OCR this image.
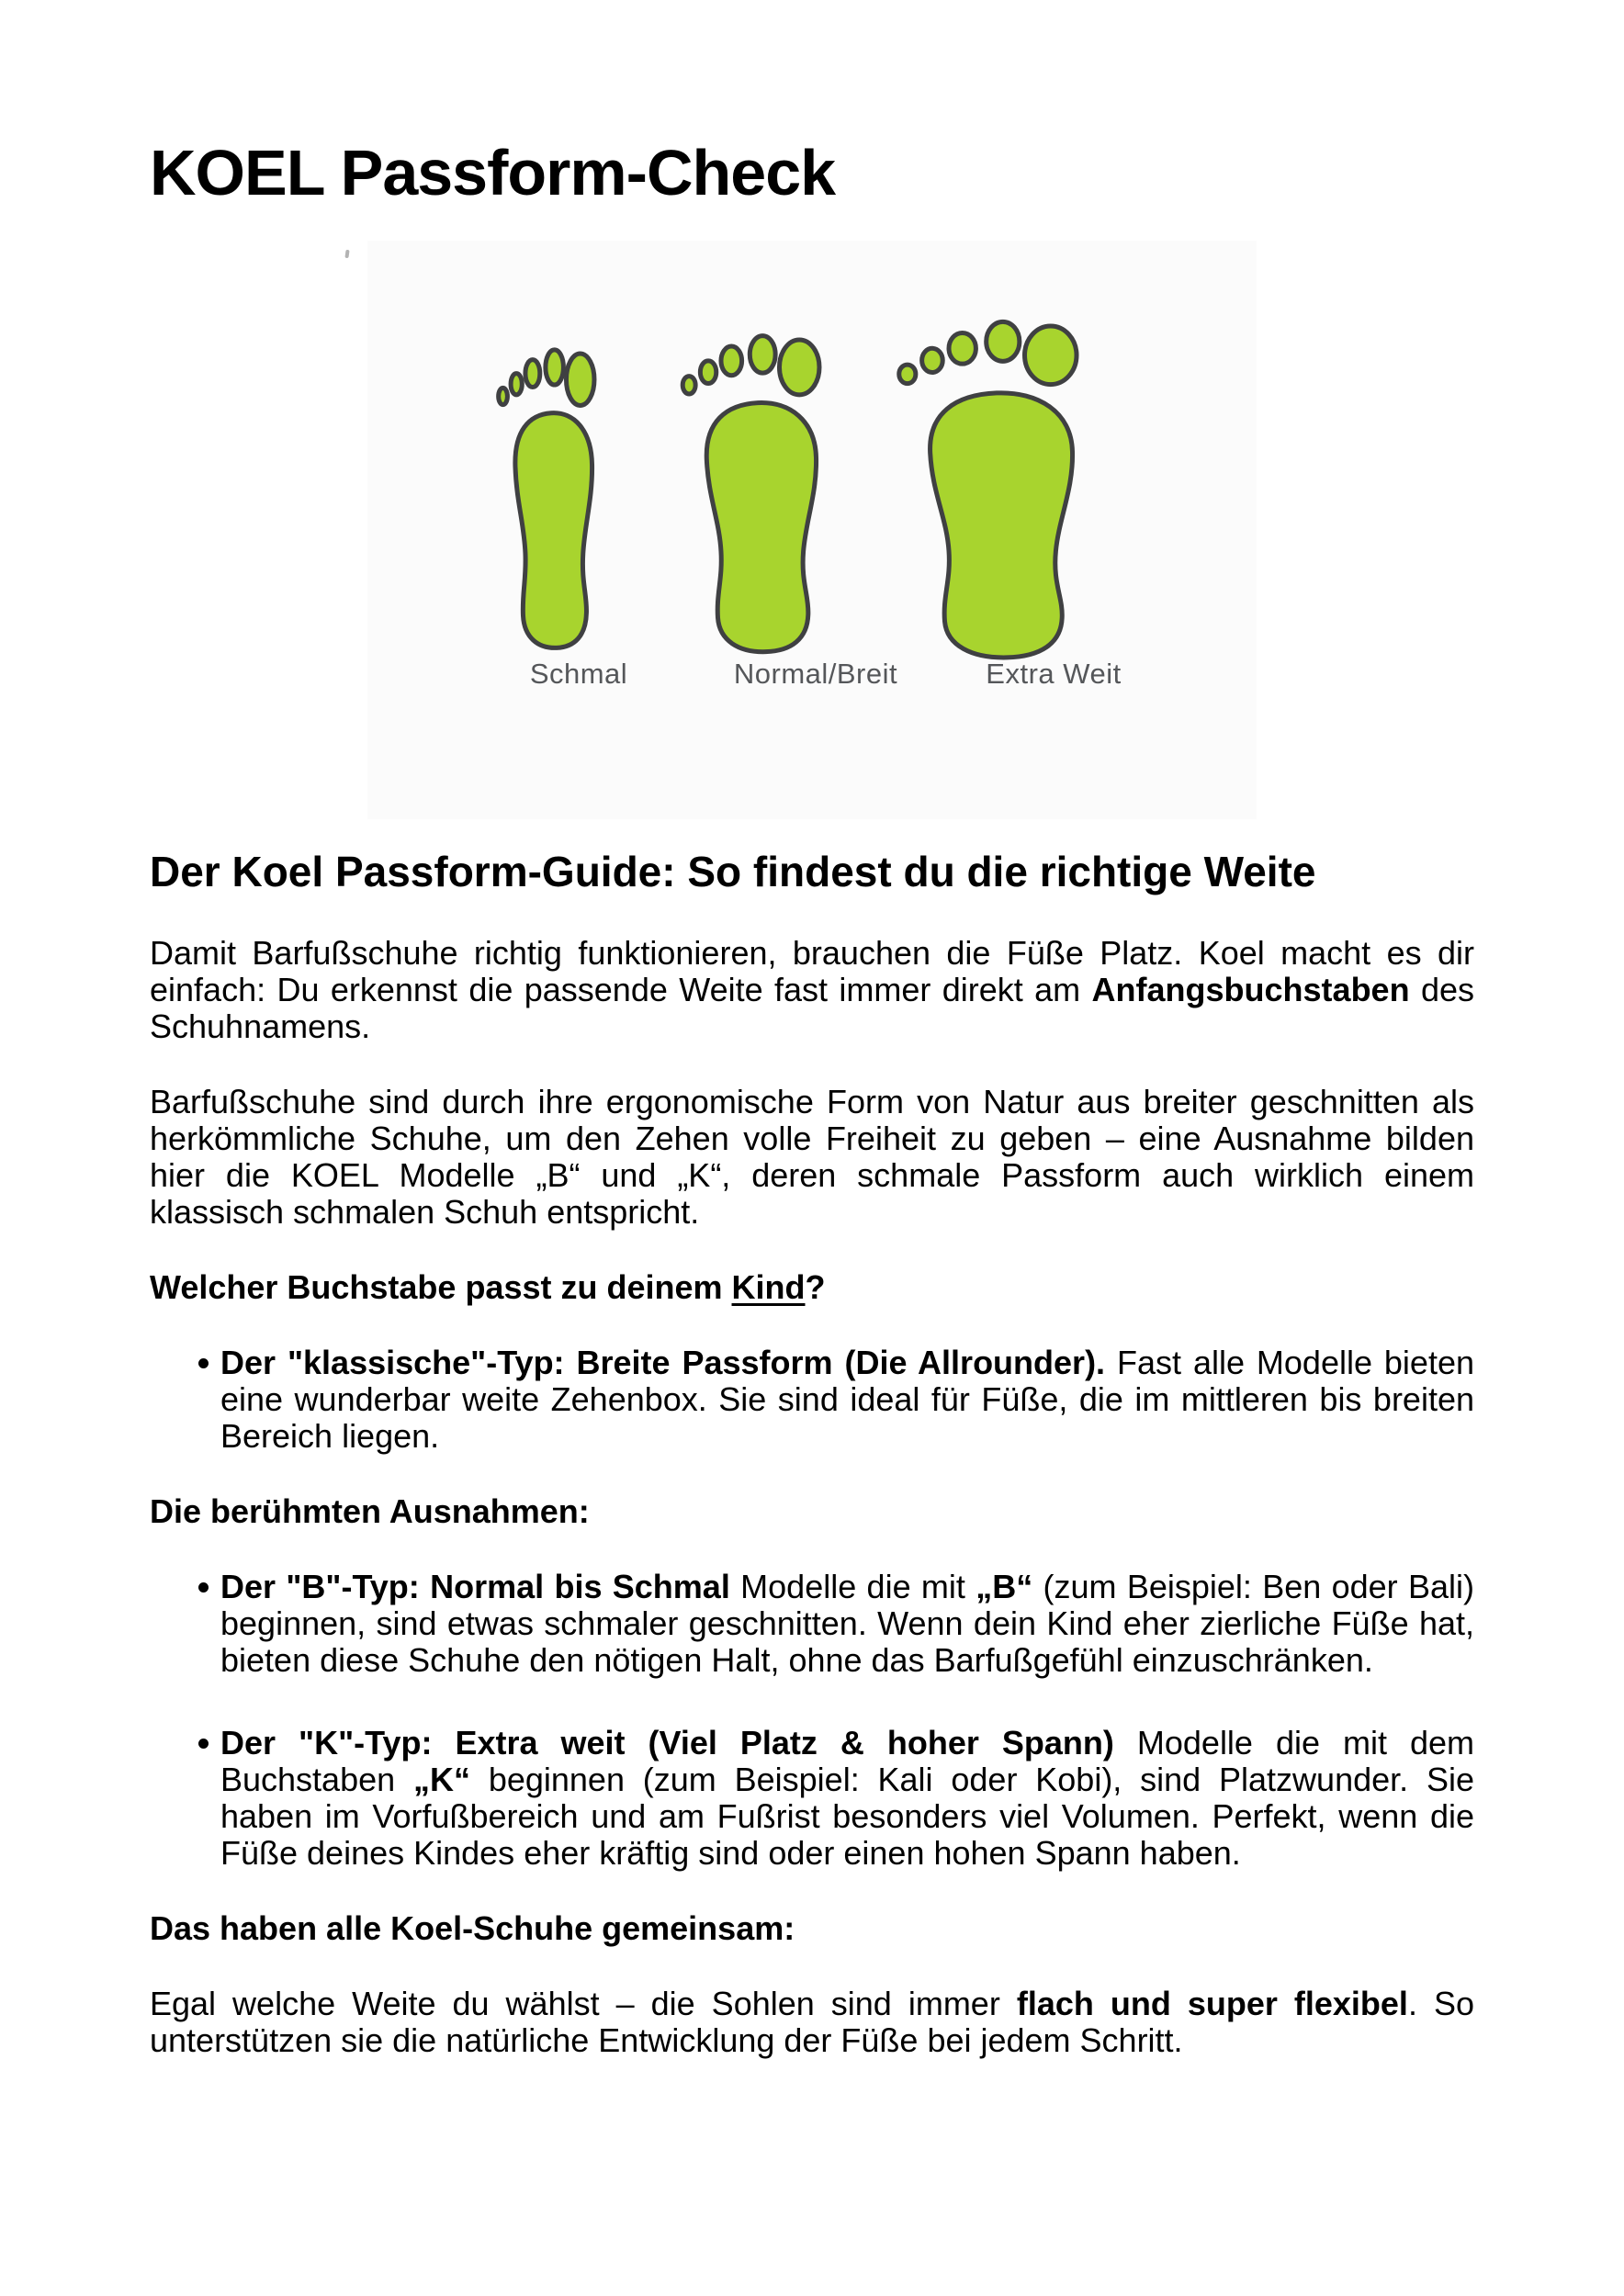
KOEL Passform-Check
Schmal	Normal/Breit	Extra Weit
Der Koel Passform-Guide: So findest du die richtige Weite

Damit Barfußschuhe richtig funktionieren, brauchen die Füße Platz. Koel macht es dir einfach: Du erkennst die passende Weite fast immer direkt am Anfangsbuchstaben des Schuhnamens.

Barfußschuhe sind durch ihre ergonomische Form von Natur aus breiter geschnitten als herkömmliche Schuhe, um den Zehen volle Freiheit zu geben – eine Ausnahme bilden hier die KOEL Modelle „B“ und „K“, deren schmale Passform auch wirklich einem klassisch schmalen Schuh entspricht.

Welcher Buchstabe passt zu deinem Kind?
Der "klassische"-Typ: Breite Passform (Die Allrounder). Fast alle Modelle bieten eine wunderbar weite Zehenbox. Sie sind ideal für Füße, die im mittleren bis breiten Bereich liegen.
Die berühmten Ausnahmen:
Der "B"-Typ: Normal bis Schmal Modelle die mit „B“ (zum Beispiel: Ben oder Bali) beginnen, sind etwas schmaler geschnitten. Wenn dein Kind eher zierliche Füße hat, bieten diese Schuhe den nötigen Halt, ohne das Barfußgefühl einzuschränken.
Der "K"-Typ: Extra weit (Viel Platz & hoher Spann) Modelle die mit dem Buchstaben „K“ beginnen (zum Beispiel: Kali oder Kobi), sind Platzwunder. Sie haben im Vorfußbereich und am Fußrist besonders viel Volumen. Perfekt, wenn die Füße deines Kindes eher kräftig sind oder einen hohen Spann haben.
Das haben alle Koel-Schuhe gemeinsam:

Egal welche Weite du wählst – die Sohlen sind immer flach und super flexibel. So unterstützen sie die natürliche Entwicklung der Füße bei jedem Schritt.
